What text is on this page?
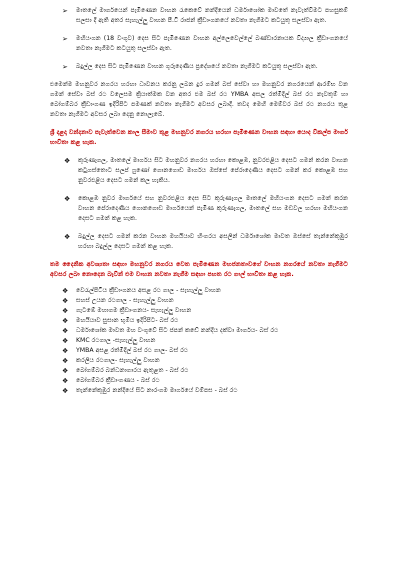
➢	මාතලේ මාර්ගයෙන් පැමිණෙන වාහන රැකෙවේ නන්දියෙන් ධර්මාශෝක මාවතේ නැවැත්වීමට පහසුකම් සලසා දී ඇති අතර සැහැල්ලු වාහන පී.ටී රාජන් ක්‍රීඩාංගනයේ නවතා නැගීමට කටයුතු සලස්වා ඇත.
➢	මහියංගන (18 වංගුව) දෙස සිට පැමිණෙන වාහන අල්ලෙවෙල්ලේ බණ්ඩාරනායක විද්‍යාල ක්‍රීඩාංගනයේ නවතා නැගීමට කටයුතු සලස්වා ඇත.
➢	බදුල්ල දෙස සිට පැමිණෙන වාහන ගුරුදෙණිය ප්‍රදේශයේ නවතා නැගීමට කටයුතු සලස්වා ඇත.

එමෙන්ම මහනුවර නගරය හරහා ධාවනය කරනු ලබන දුර ගමන් බස් සේවා හා මහනුවර නගරයෙන් ආරම්භ වන ගමන් සේවා බස් රථ වලෙසම ක්‍රියාත්මක වන අතර එම බස් රථ YMBA අසල රත්මිදිල් බස් රථ නැවතුම් හා බෝගම්බර ක්‍රීඩාංගණ ඉදිරිපිට පමණක් නවතා නැගීමට අවසර ලබාදී. තවද මෙහි මෙම්වර බස් රථ නගරය තුළ නවතා නැගීමට අවසර ලබා දෙනු නොලැබේ.

ශ්‍රී දළදා වන්දනාව පැවැත්වෙන කාල සීමාව තුළ මහනුවර නගරය හරහා පැමිණෙන වාහන සඳහා යොද විකල්ප මාර්ග භාවිතා කළ හැක.

❖	කුරුණෑගල, මාතලේ මාර්ගය සිට මහනුවර නගරය හරහා කොළඹ, නුවරඑළිය දෙසට ගමන් කරන වාහන කටුගස්තොට සලප් ෆුණෝ ගොනගොඩ මාර්ගය ඔස්සේ පේරාදෙණිය දෙසට ගමන් කර කොළඹ සහ නුවරඑළිය දෙසට ගමන් කල හැකිය.
❖	කොළඹ නුවර මාර්ගයේ සහ නුවරඑළිය දෙස සිට කුරුණෑගල මාතලේ මහියංගන දෙසට ගමන් කරන වාහන පේරාදෙණිය ගොනගොඩ මාර්ගයෙන් පැමිණ කුරුණෑගල, මාතලේ සහ මඩවල හරහා මහියංගන දෙසට ගමන් කළ හැක.
❖	බදුල්ල දෙසට ගමන් කරන වාහන මහයියාව හිංගරය අසලින් ධර්මාශෝක මාවත ඔස්සේ තැන්නේකුඹුර හරහා බදුල්ල දෙසට ගමන් කළ හැක.

තම දෛනික අවශ්‍යතා සඳහා මහනුවර නගරය වෙත පැමිණෙන මහජනතාවගේ වාහන නගරයේ නවතා නැගීමට අවසර ලබා නොදෙන බැවින් එම වාහන නවතා නැගීම සඳහා පහත රථ ගාල් භාවිතා කළ හැක.

❖	වෙරැල්පිටිය ක්‍රීඩාංගනය අසළ රථ ගාල - සැහැල්ලු වාහන
❖	සහස් උයන රථගාල - සැහැල්ලු වාහන
❖	ගැටඹේ මහාගම ක්‍රීඩාංගනය- සැහැල්ලු වාහන
❖	මහයියාව සුසාන භූමිය ඉදිරිපිට- බස් රථ
❖	ධර්මාශෝක මාවත මහ වංගුවේ සිට ජපන් කඩේ නන්දිය දක්වා මාර්ගය- බස් රථ
❖	KMC රථගාල -සැහැල්ලු වාහන
❖	YMBA අසළ රත්මිදිල් බස් රථ ගාල- බස් රථ
❖	කරලිය රථගාල- සැහැල්ලු වාහන
❖	බෝගම්බර බන්ධනාගාරය ඇතුළත - බස් රථ
❖	බෝගම්බර ක්‍රීඩාංගණය - බස් රථ
❖	තැන්නේකුඹුර නන්දියේ සිට නාරංගම මාර්ගයේ වම්පස - බස් රථ
